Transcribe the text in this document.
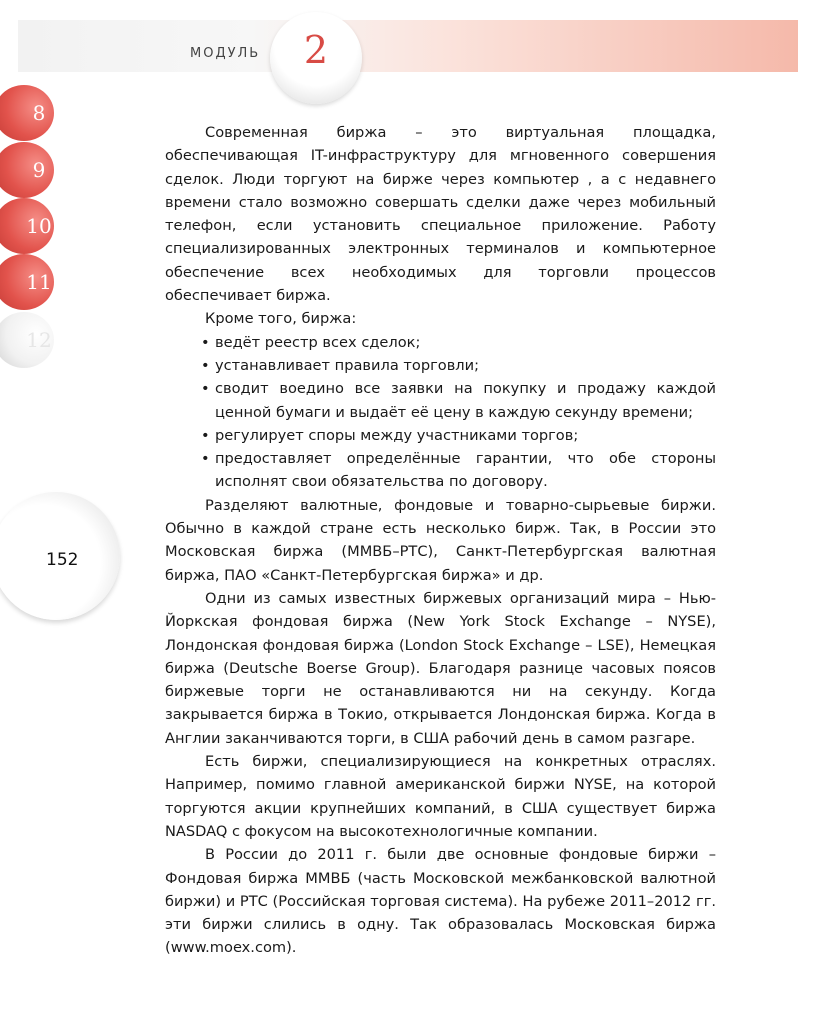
МОДУЛЬ	2
8
9
10
11
12
152

Современная биржа – это виртуальная площадка, обеспечивающая IT-инфраструктуру для мгновенного совершения сделок. Люди торгуют на бирже через компьютер , а с недавнего времени стало возможно совершать сделки даже через мобильный телефон, если установить специальное приложение. Работу специализированных электронных терминалов и компьютерное обеспечение всех необходимых для торговли процессов обеспечивает биржа.

Кроме того, биржа:

• ведёт реестр всех сделок;
• устанавливает правила торговли;
• сводит воедино все заявки на покупку и продажу каждой ценной бумаги и выдаёт её цену в каждую секунду времени;
• регулирует споры между участниками торгов;
• предоставляет определённые гарантии, что обе стороны исполнят свои обязательства по договору.

Разделяют валютные, фондовые и товарно-сырьевые биржи. Обычно в каждой стране есть несколько бирж. Так, в России это Московская биржа (ММВБ–РТС), Санкт-Петербургская валютная биржа, ПАО «Санкт-Петербургская биржа» и др.

Одни из самых известных биржевых организаций мира – Нью-Йоркская фондовая биржа (New York Stock Exchange – NYSE), Лондонская фондовая биржа (London Stock Exchange – LSE), Немецкая биржа (Deutsche Boerse Group). Благодаря разнице часовых поясов биржевые торги не останавливаются ни на секунду. Когда закрывается биржа в Токио, открывается Лондонская биржа. Когда в Англии заканчиваются торги, в США рабочий день в самом разгаре.

Есть биржи, специализирующиеся на конкретных отраслях. Например, помимо главной американской биржи NYSE, на которой торгуются акции крупнейших компаний, в США существует биржа NASDAQ с фокусом на высокотехнологичные компании.

В России до 2011 г. были две основные фондовые биржи – Фондовая биржа ММВБ (часть Московской межбанковской валютной биржи) и РТС (Российская торговая система). На рубеже 2011–2012 гг. эти биржи слились в одну. Так образовалась Московская биржа (www.moex.com).
